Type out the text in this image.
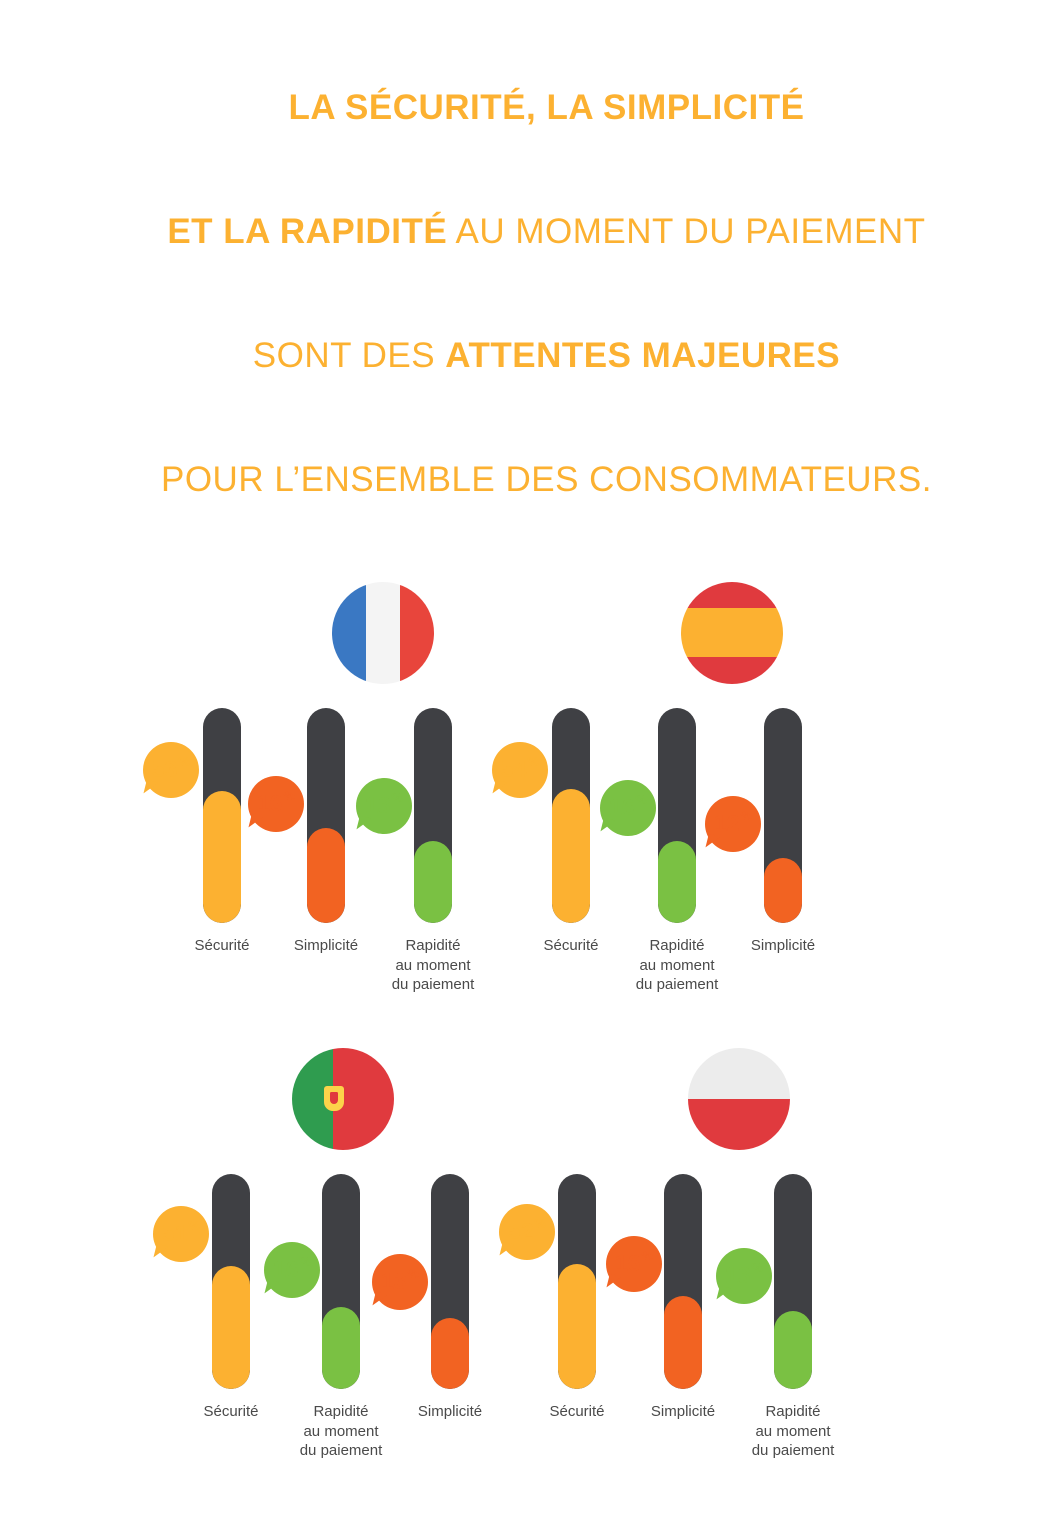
LA SÉCURITÉ, LA SIMPLICITÉ

ET LA RAPIDITÉ AU MOMENT DU PAIEMENT

SONT DES ATTENTES MAJEURES

POUR L’ENSEMBLE DES CONSOMMATEURS.

Sécurité
53 %
Simplicité
16 %
Rapidité
au moment
du paiement
13 %
Sécurité
54 %
Rapidité
au moment
du paiement
16 %
Simplicité
12 %
Sécurité
51 %
Rapidité
au moment
du paiement
16 %
Simplicité
13 %
Sécurité
52 %
Simplicité
16 %
Rapidité
au moment
du paiement
13 %
